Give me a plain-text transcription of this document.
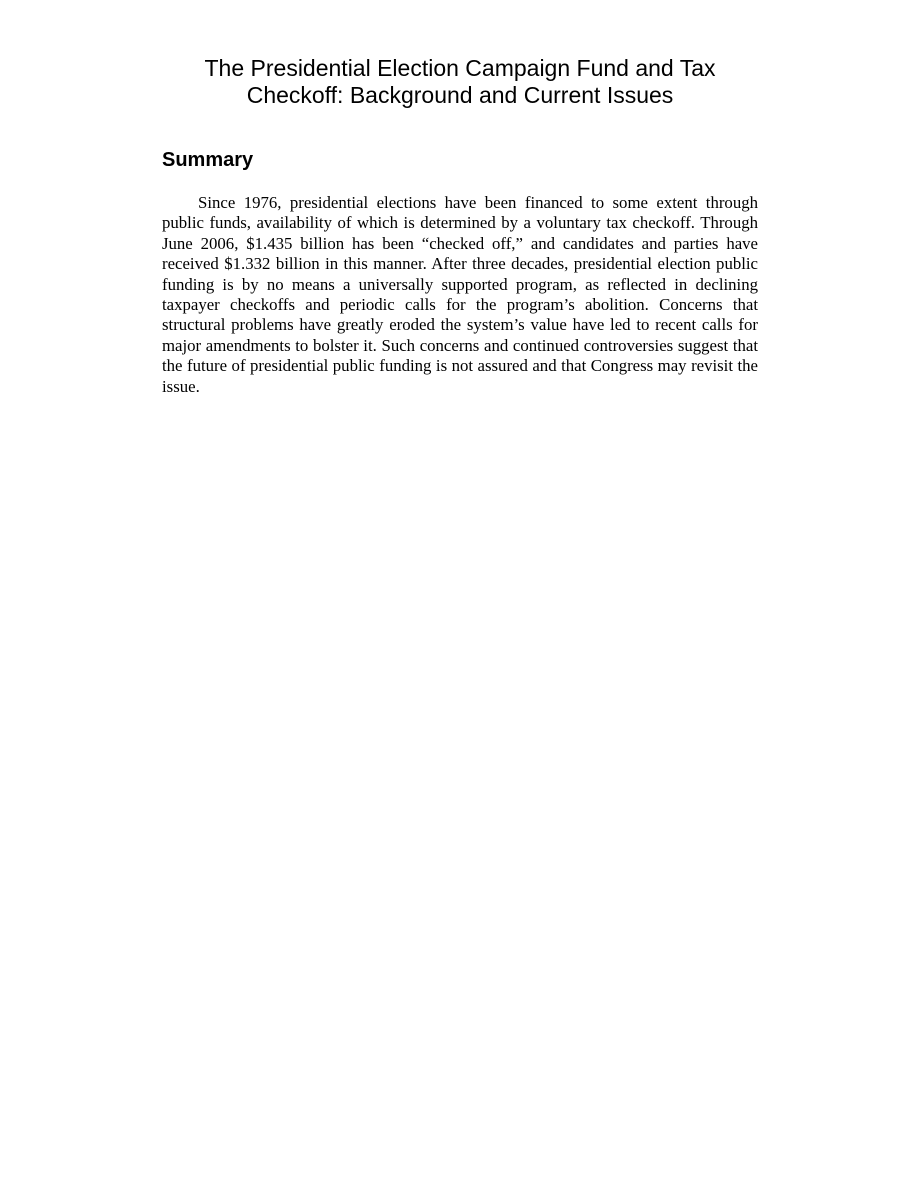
The Presidential Election Campaign Fund and Tax
Checkoff: Background and Current Issues
Summary

Since 1976, presidential elections have been financed to some extent through public funds, availability of which is determined by a voluntary tax checkoff. Through June 2006, $1.435 billion has been “checked off,” and candidates and parties have received $1.332 billion in this manner. After three decades, presidential election public funding is by no means a universally supported program, as reflected in declining taxpayer checkoffs and periodic calls for the program’s abolition. Concerns that structural problems have greatly eroded the system’s value have led to recent calls for major amendments to bolster it. Such concerns and continued controversies suggest that the future of presidential public funding is not assured and that Congress may revisit the issue.
